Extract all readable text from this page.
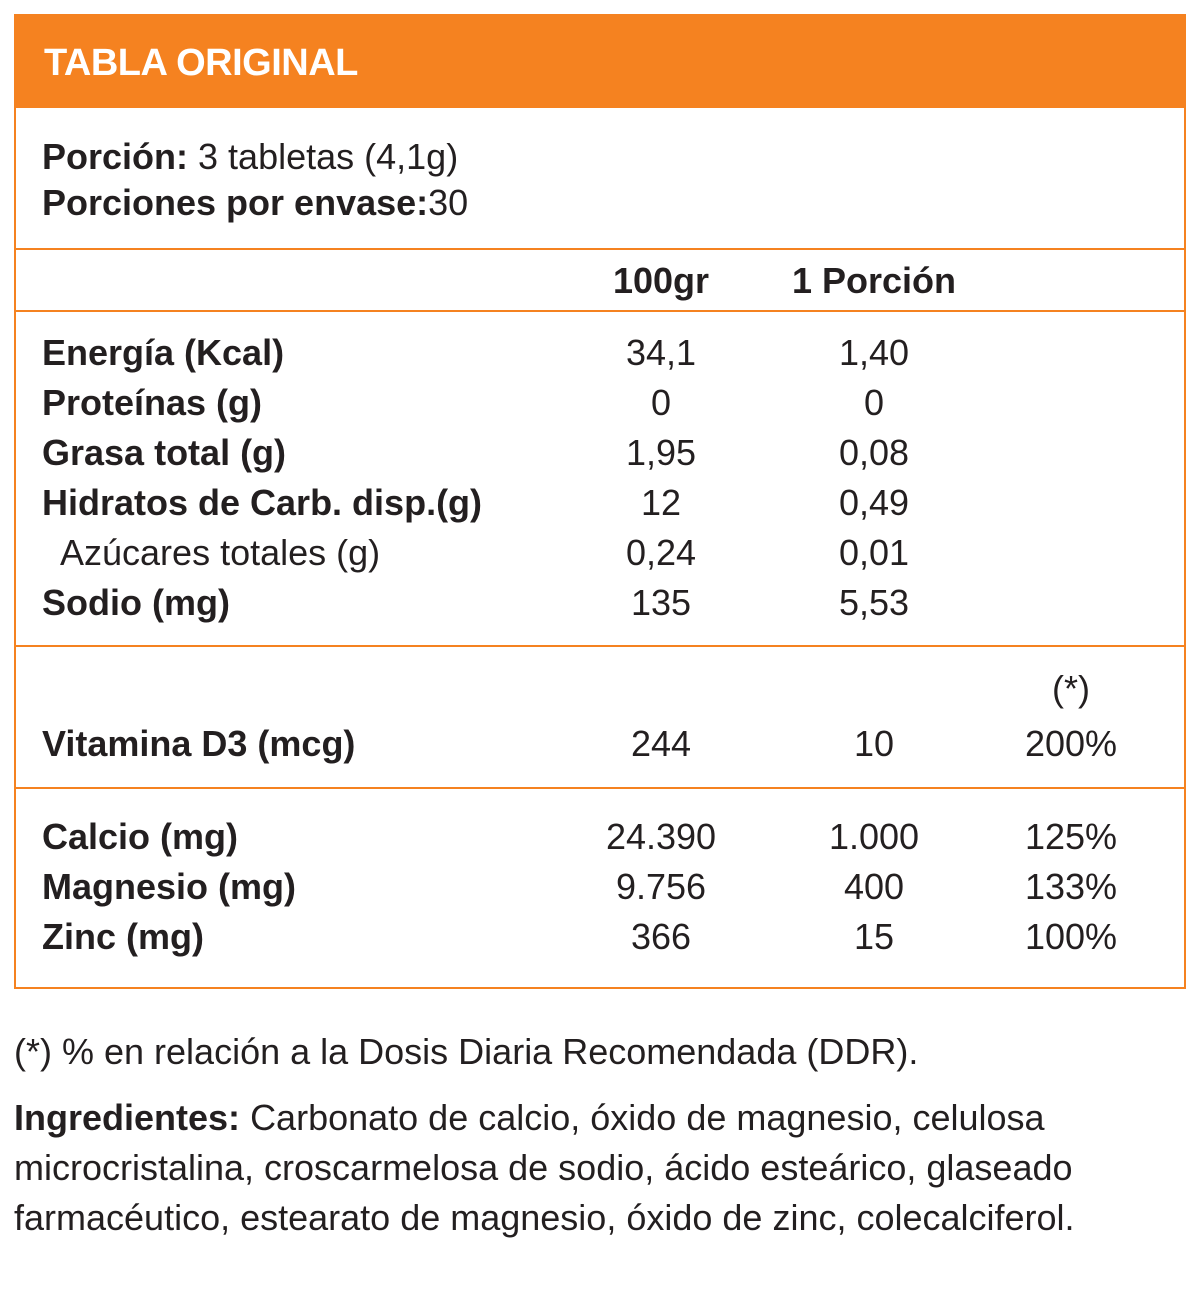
TABLA ORIGINAL
Porción: 3 tabletas (4,1g)
Porciones por envase:30
100gr	1 Porción
Energía (Kcal)	34,1	1,40
Proteínas (g)	0	0
Grasa total (g)	1,95	0,08
Hidratos de Carb. disp.(g)	12	0,49
Azúcares totales (g)	0,24	0,01
Sodio (mg)	135	5,53
(*)
Vitamina D3 (mcg)	244	10	200%
Calcio (mg)	24.390	1.000	125%
Magnesio (mg)	9.756	400	133%
Zinc (mg)	366	15	100%
(*) % en relación a la Dosis Diaria Recomendada (DDR).
Ingredientes: Carbonato de calcio, óxido de magnesio, celulosa microcristalina, croscarmelosa de sodio, ácido esteárico, glaseado farmacéutico, estearato de magnesio, óxido de zinc, colecalciferol.
